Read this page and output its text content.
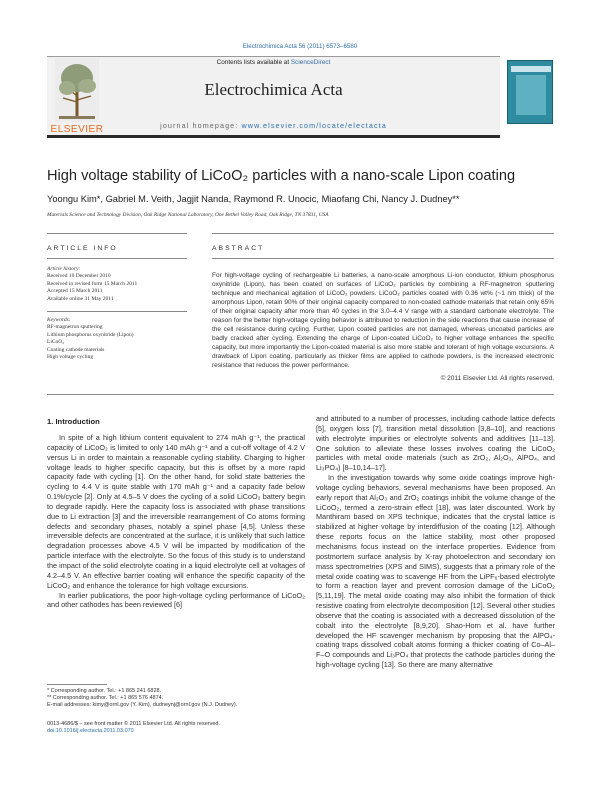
Electrochimica Acta 56 (2011) 6573–6580
Contents lists available at ScienceDirect
Electrochimica Acta
journal homepage: www.elsevier.com/locate/electacta
ELSEVIER
High voltage stability of LiCoO₂ particles with a nano-scale Lipon coating
Yoongu Kim*, Gabriel M. Veith, Jagjit Nanda, Raymond R. Unocic, Miaofang Chi, Nancy J. Dudney**
Materials Science and Technology Division, Oak Ridge National Laboratory, One Bethel Valley Road, Oak Ridge, TN 37831, USA
ARTICLE INFO	ABSTRACT
Article history:
Received 10 December 2010
Received in revised form 15 March 2011
Accepted 15 March 2011
Available online 31 May 2011
Keywords:
RF-magnetron sputtering
Lithium phosphorus oxynitride (Lipon)
LiCoO₂
Coating cathode materials
High voltage cycling
For high-voltage cycling of rechargeable Li batteries, a nano-scale amorphous Li-ion conductor, lithium phosphorus oxynitride (Lipon), has been coated on surfaces of LiCoO₂ particles by combining a RF-magnetron sputtering technique and mechanical agitation of LiCoO₂ powders. LiCoO₂ particles coated with 0.36 wt% (~1 nm thick) of the amorphous Lipon, retain 90% of their original capacity compared to non-coated cathode materials that retain only 65% of their original capacity after more than 40 cycles in the 3.0–4.4 V range with a standard carbonate electrolyte. The reason for the better high-voltage cycling behavior is attributed to reduction in the side reactions that cause increase of the cell resistance during cycling. Further, Lipon coated particles are not damaged, whereas uncoated particles are badly cracked after cycling. Extending the charge of Lipon-coated LiCoO₂ to higher voltage enhances the specific capacity, but more importantly the Lipon-coated material is also more stable and tolerant of high voltage excursions. A drawback of Lipon coating, particularly as thicker films are applied to cathode powders, is the increased electronic resistance that reduces the power performance.
© 2011 Elsevier Ltd. All rights reserved.
1. Introduction

In spite of a high lithium content equivalent to 274 mAh g⁻¹, the practical capacity of LiCoO₂ is limited to only 140 mAh g⁻¹ and a cut-off voltage of 4.2 V versus Li in order to maintain a reasonable cycling stability. Charging to higher voltage leads to higher specific capacity, but this is offset by a more rapid capacity fade with cycling [1]. On the other hand, for solid state batteries the cycling to 4.4 V is quite stable with 170 mAh g⁻¹ and a capacity fade below 0.1%/cycle [2]. Only at 4.5–5 V does the cycling of a solid LiCoO₂ battery begin to degrade rapidly. Here the capacity loss is associated with phase transitions due to Li extraction [3] and the irreversible rearrangement of Co atoms forming defects and secondary phases, notably a spinel phase [4,5]. Unless these irreversible defects are concentrated at the surface, it is unlikely that such lattice degradation processes above 4.5 V will be impacted by modification of the particle interface with the electrolyte. So the focus of this study is to understand the impact of the solid electrolyte coating in a liquid electrolyte cell at voltages of 4.2–4.5 V. An effective barrier coating will enhance the specific capacity of the LiCoO₂ and enhance the tolerance for high voltage excursions.

In earlier publications, the poor high-voltage cycling performance of LiCoO₂ and other cathodes has been reviewed [6]

and attributed to a number of processes, including cathode lattice defects [5], oxygen loss [7], transition metal dissolution [3,8–10], and reactions with electrolyte impurities or electrolyte solvents and additives [11–13]. One solution to alleviate these losses involves coating the LiCoO₂ particles with metal oxide materials (such as ZrO₂, Al₂O₃, AlPO₄, and Li₃PO₄) [8–10,14–17].

In the investigation towards why some oxide coatings improve high-voltage cycling behaviors, several mechanisms have been proposed. An early report that Al₂O₃ and ZrO₂ coatings inhibit the volume change of the LiCoO₂, termed a zero-strain effect [18], was later discounted. Work by Manthiram based on XPS technique, indicates that the crystal lattice is stabilized at higher voltage by interdiffusion of the coating [12]. Although these reports focus on the lattice stability, most other proposed mechanisms focus instead on the interface properties. Evidence from postmortem surface analysis by X-ray photoelectron and secondary ion mass spectrometries (XPS and SIMS), suggests that a primary role of the metal oxide coating was to scavenge HF from the LiPF₆-based electrolyte to form a reaction layer and prevent corrosion damage of the LiCoO₂ [5,11,19]. The metal oxide coating may also inhibit the formation of thick resistive coating from electrolyte decomposition [12]. Several other studies observe that the coating is associated with a decreased dissolution of the cobalt into the electrolyte [8,9,20]. Shao-Horn et al. have further developed the HF scavenger mechanism by proposing that the AlPO₄-coating traps dissolved cobalt atoms forming a thicker coating of Co–Al–F–O compounds and Li₃PO₄ that protects the cathode particles during the high-voltage cycling [13]. So there are many alternative

* Corresponding author. Tel.: +1 865 241 6828.
** Corresponding author. Tel.: +1 865 576 4874.
E-mail addresses: kimy@ornl.gov (Y. Kim), dudneynj@ornl.gov (N.J. Dudney).
0013-4686/$ – see front matter © 2011 Elsevier Ltd. All rights reserved.
doi:10.1016/j.electacta.2011.03.070
